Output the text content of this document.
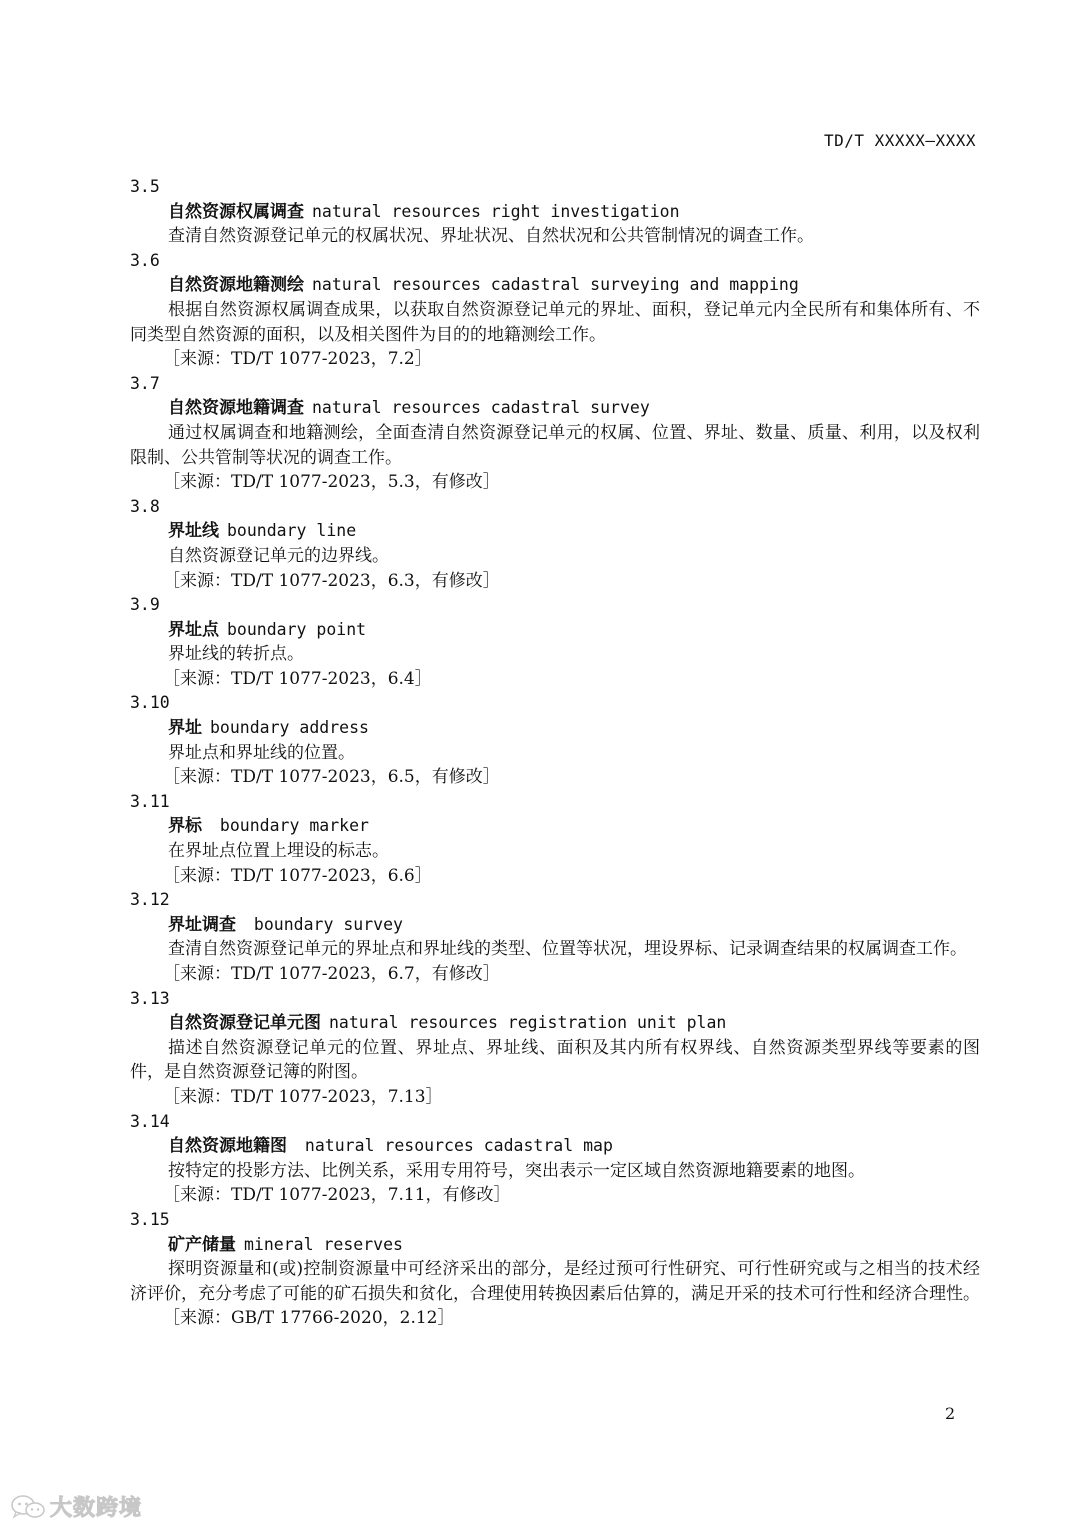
TD/T XXXXX—XXXX
3.5
自然资源权属调查 natural resources right investigation

查清自然资源登记单元的权属状况、界址状况、自然状况和公共管制情况的调查工作。

3.6
自然资源地籍测绘 natural resources cadastral surveying and mapping

根据自然资源权属调查成果，以获取自然资源登记单元的界址、面积，登记单元内全民所有和集体所有、不同类型自然资源的面积，以及相关图件为目的的地籍测绘工作。

［来源：TD/T 1077-2023，7.2］

3.7
自然资源地籍调查 natural resources cadastral survey

通过权属调查和地籍测绘，全面查清自然资源登记单元的权属、位置、界址、数量、质量、利用，以及权利限制、公共管制等状况的调查工作。

［来源：TD/T 1077-2023，5.3，有修改］

3.8
界址线 boundary line

自然资源登记单元的边界线。

［来源：TD/T 1077-2023，6.3，有修改］

3.9
界址点 boundary point

界址线的转折点。

［来源：TD/T 1077-2023，6.4］

3.10
界址 boundary address

界址点和界址线的位置。

［来源：TD/T 1077-2023，6.5，有修改］

3.11
界标 boundary marker

在界址点位置上埋设的标志。

［来源：TD/T 1077-2023，6.6］

3.12
界址调查 boundary survey

查清自然资源登记单元的界址点和界址线的类型、位置等状况，埋设界标、记录调查结果的权属调查工作。

［来源：TD/T 1077-2023，6.7，有修改］

3.13
自然资源登记单元图 natural resources registration unit plan

描述自然资源登记单元的位置、界址点、界址线、面积及其内所有权界线、自然资源类型界线等要素的图件，是自然资源登记簿的附图。

［来源：TD/T 1077-2023，7.13］

3.14
自然资源地籍图 natural resources cadastral map

按特定的投影方法、比例关系，采用专用符号，突出表示一定区域自然资源地籍要素的地图。

［来源：TD/T 1077-2023，7.11，有修改］

3.15
矿产储量 mineral reserves

探明资源量和(或)控制资源量中可经济采出的部分，是经过预可行性研究、可行性研究或与之相当的技术经济评价，充分考虑了可能的矿石损失和贫化，合理使用转换因素后估算的，满足开采的技术可行性和经济合理性。

［来源：GB/T 17766-2020，2.12］

2
大数跨境
